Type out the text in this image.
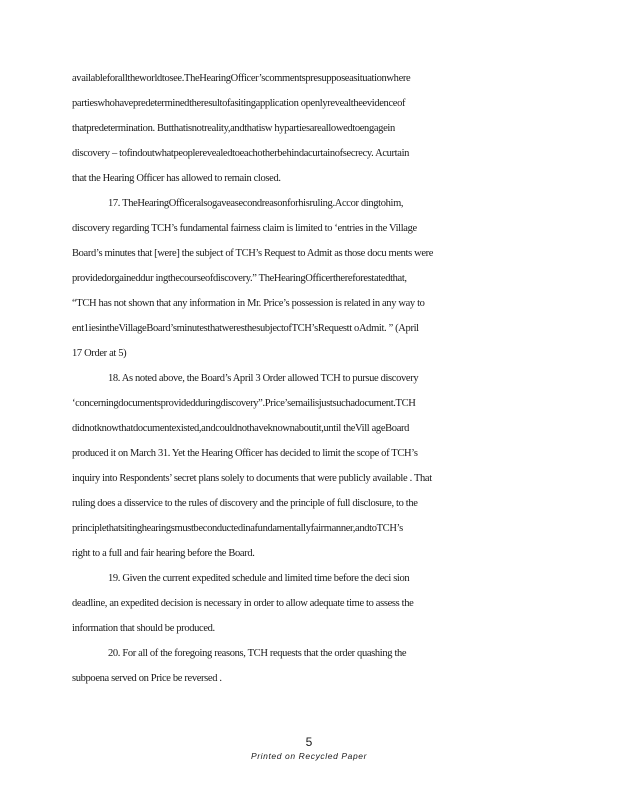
availableforalltheworldtosee.TheHearingOfficer’scommentspresupposeasituationwhere
partieswhohavepredeterminedtheresultofasitingapplication openlyrevealtheevidenceof
thatpredetermination. Butthatisnotreality,andthatisw hypartiesareallowedtoengagein
discovery – tofindoutwhatpeoplerevealedtoeachotherbehindacurtainofsecrecy. Acurtain
that the Hearing Officer has allowed to remain closed.
17. TheHearingOfficeralsogaveasecondreasonforhisruling.Accor dingtohim,
discovery regarding TCH’s fundamental fairness claim is limited to ‘entries in the Village
Board’s minutes that [were] the subject of TCH’s Request to Admit as those docu ments were
providedorgaineddur ingthecourseofdiscovery.” TheHearingOfficerthereforestatedthat,
“TCH has not shown that any information in Mr. Price’s possession is related in any way to
ent1iesintheVillageBoard’sminutesthatweresthesubjectofTCH’sRequestt oAdmit. ” (April
17 Order at 5)
18. As noted above, the Board’s April 3 Order allowed TCH to pursue discovery
‘concerningdocumentsprovidedduringdiscovery”.Price’semailisjustsuchadocument.TCH
didnotknowthatdocumentexisted,andcouldnothaveknownaboutit,until theVill ageBoard
produced it on March 31. Yet the Hearing Officer has decided to limit the scope of TCH’s
inquiry into Respondents’ secret plans solely to documents that were publicly available . That
ruling does a disservice to the rules of discovery and the principle of full disclosure, to the
principlethatsitinghearingsmustbeconductedinafundamentallyfairmanner,andtoTCH’s
right to a full and fair hearing before the Board.
19. Given the current expedited schedule and limited time before the deci sion
deadline, an expedited decision is necessary in order to allow adequate time to assess the
information that should be produced.
20. For all of the foregoing reasons, TCH requests that the order quashing the
subpoena served on Price be reversed .
5
Printed on Recycled Paper
